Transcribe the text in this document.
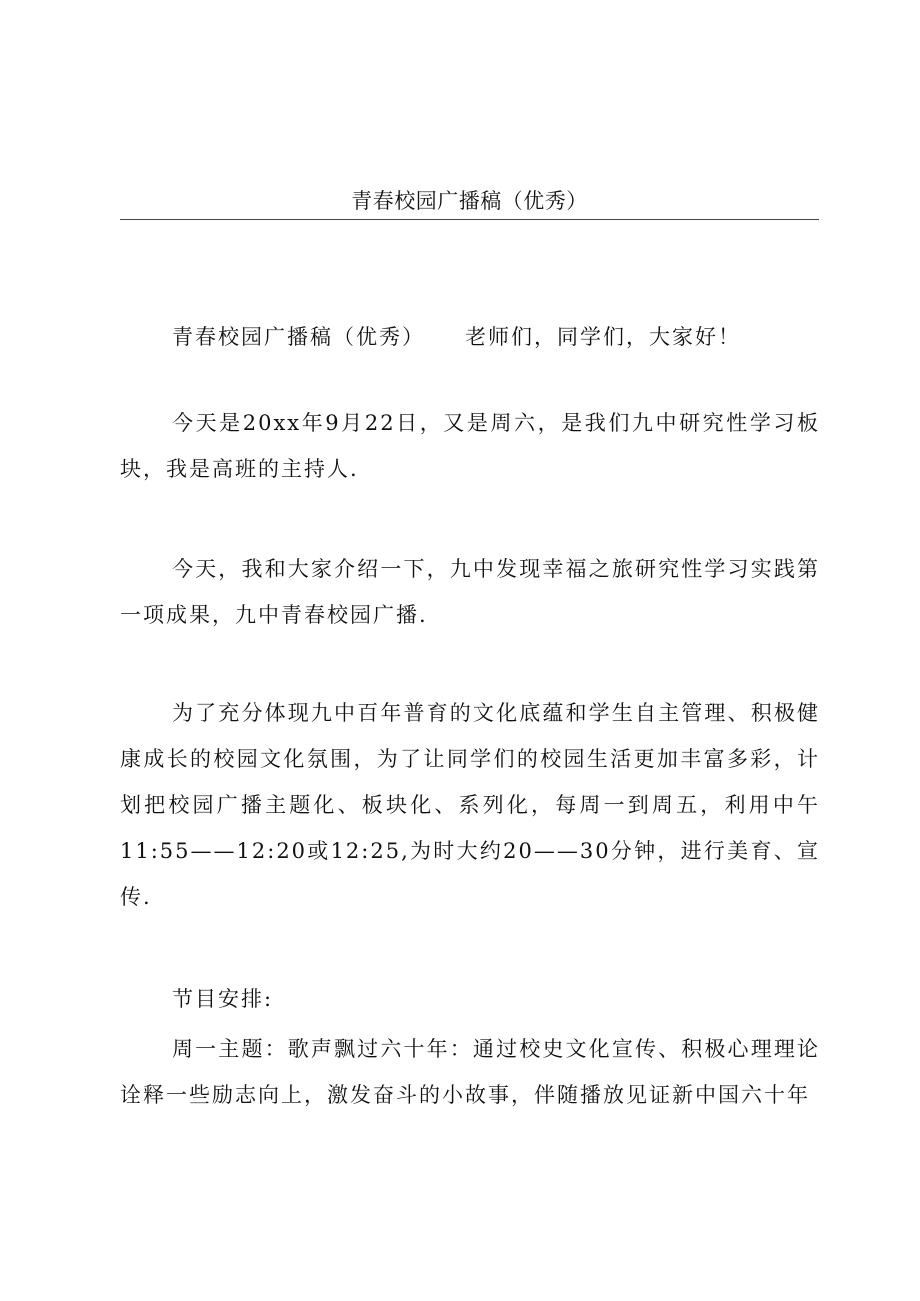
青春校园广播稿（优秀）

青春校园广播稿（优秀） 老师们，同学们，大家好！

今天是20xx年9月22日，又是周六，是我们九中研究性学习板块，我是高班的主持人.

今天，我和大家介绍一下，九中发现幸福之旅研究性学习实践第一项成果，九中青春校园广播.

为了充分体现九中百年普育的文化底蕴和学生自主管理、积极健康成长的校园文化氛围，为了让同学们的校园生活更加丰富多彩，计划把校园广播主题化、板块化、系列化，每周一到周五，利用中午11:55——12:20或12:25,为时大约20——30分钟，进行美育、宣传.

节目安排:

周一主题：歌声飘过六十年：通过校史文化宣传、积极心理理论诠释一些励志向上，激发奋斗的小故事，伴随播放见证新中国六十年
